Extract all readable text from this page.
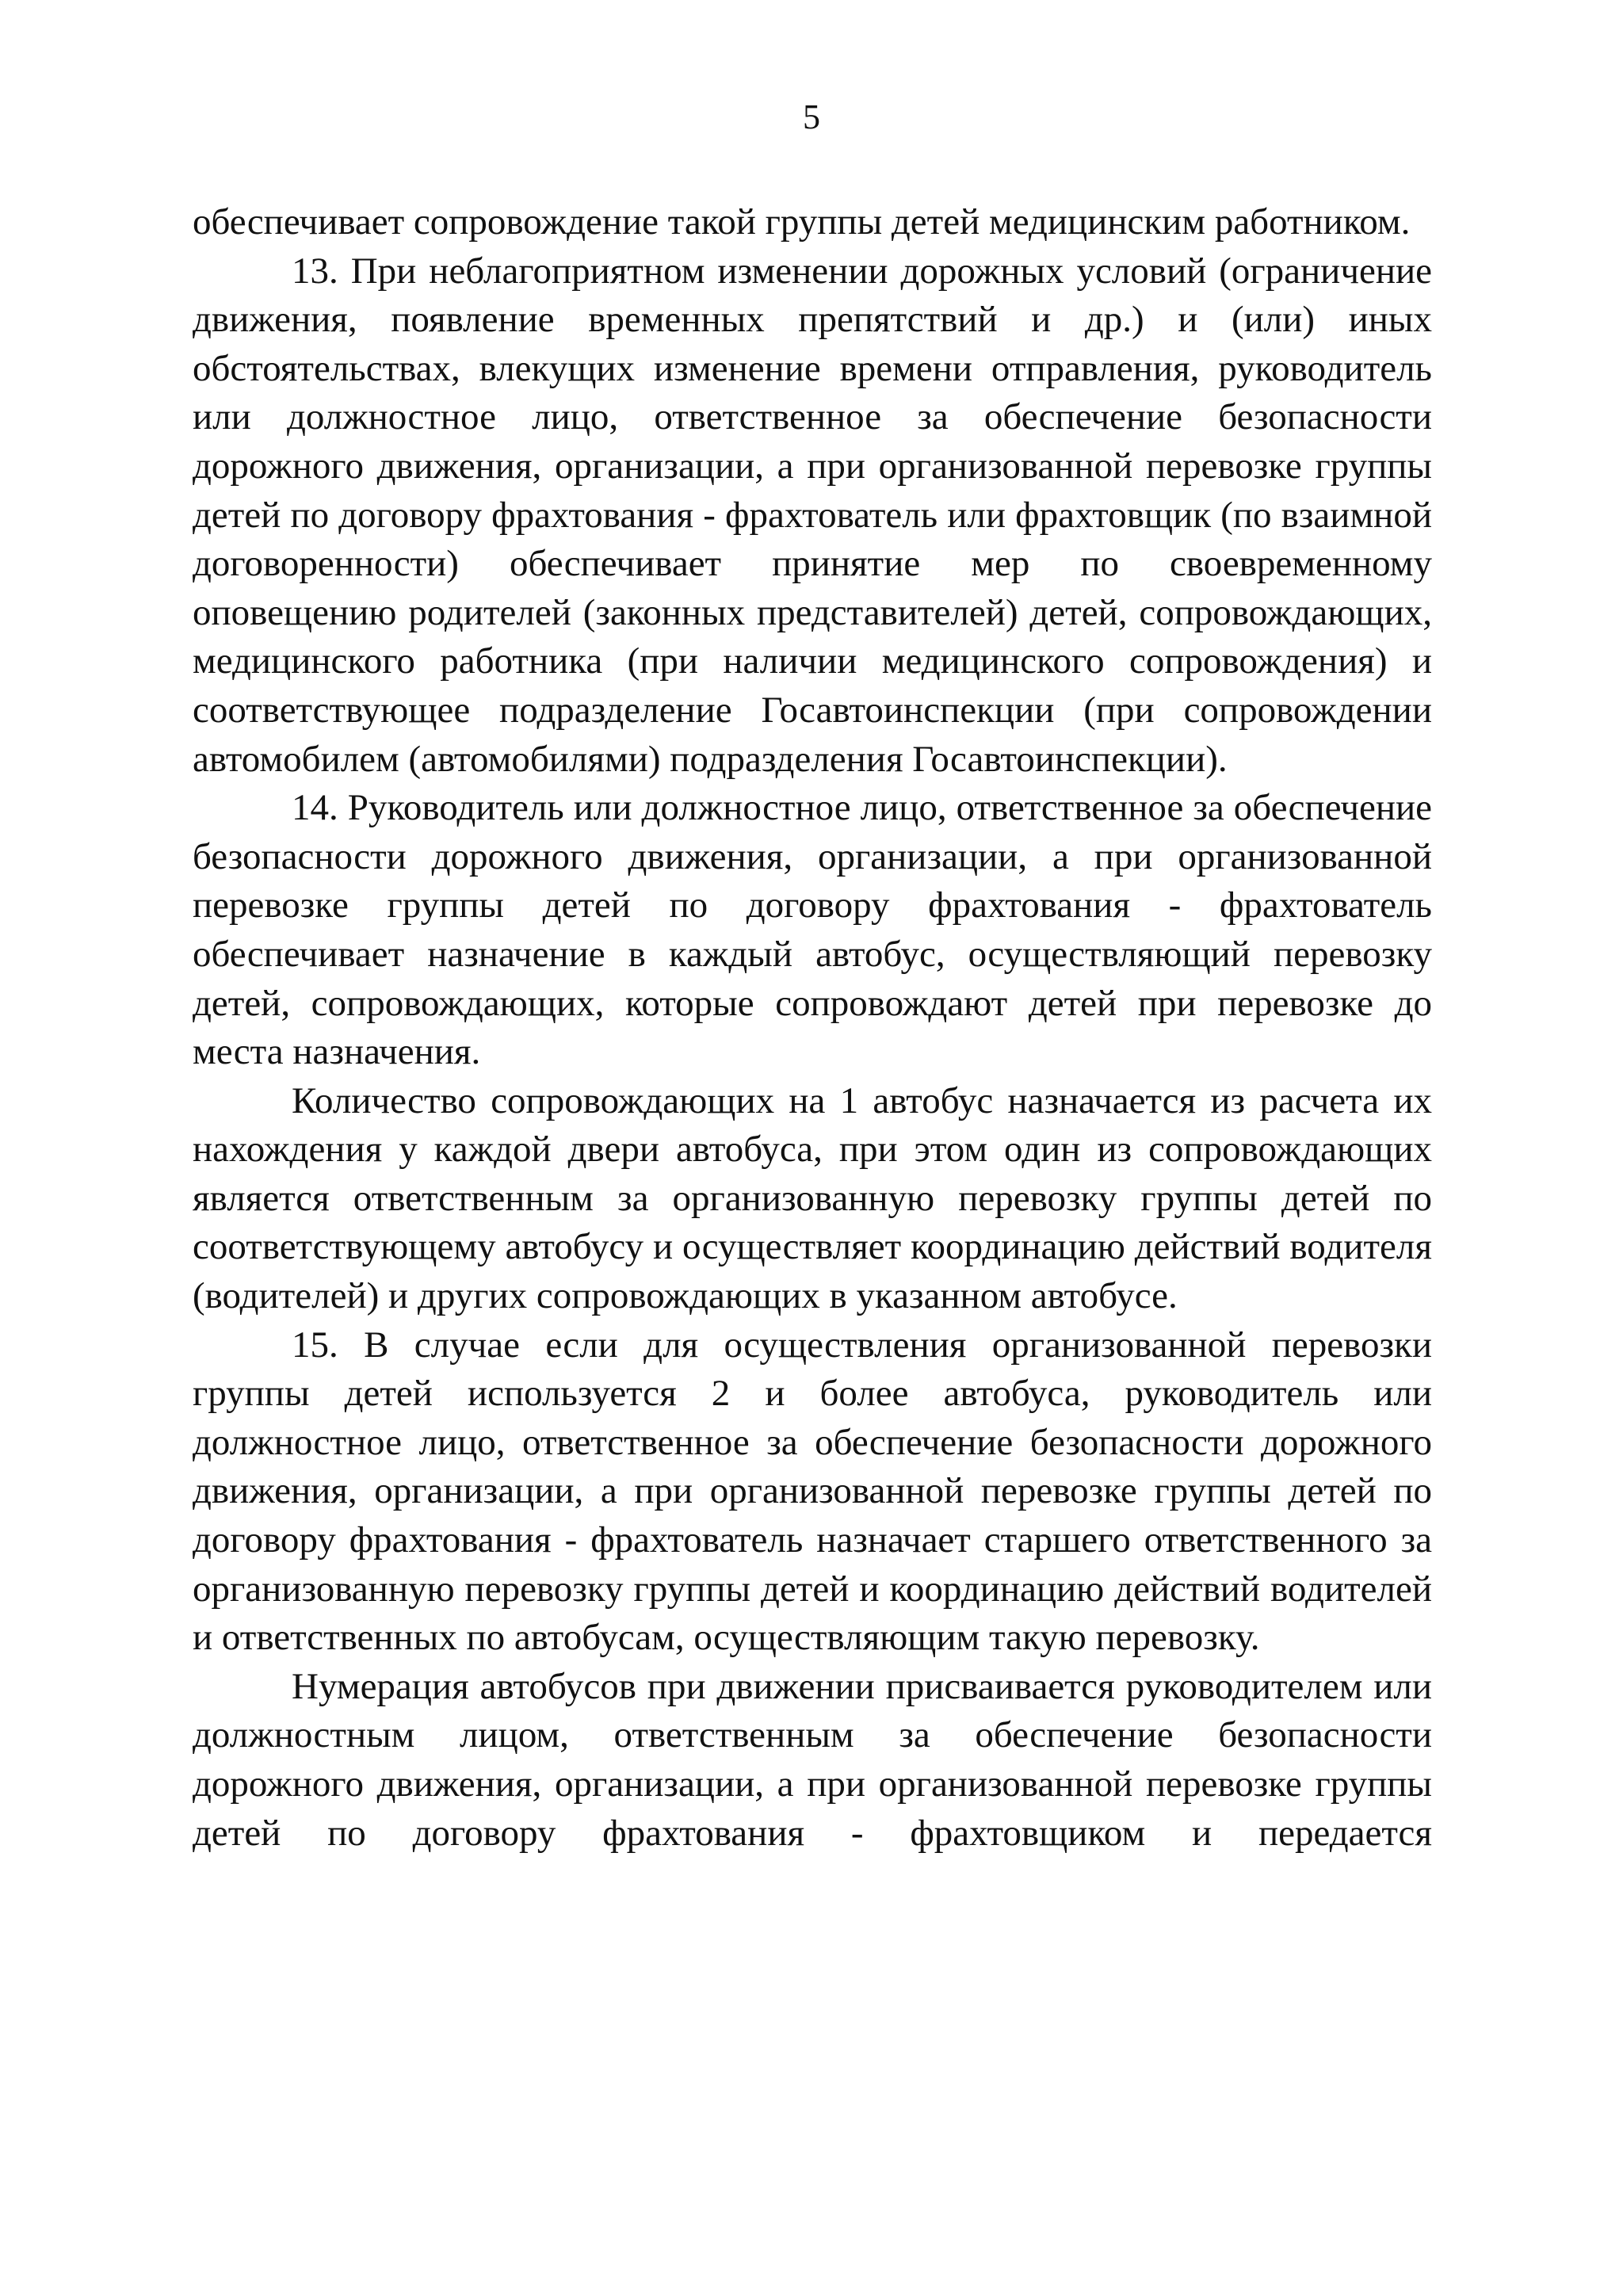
5

обеспечивает сопровождение такой группы детей медицинским работником.

13. При неблагоприятном изменении дорожных условий (ограничение движения, появление временных препятствий и др.) и (или) иных обстоятельствах, влекущих изменение времени отправления, руководитель или должностное лицо, ответственное за обеспечение безопасности дорожного движения, организации, а при организованной перевозке группы детей по договору фрахтования - фрахтователь или фрахтовщик (по взаимной договоренности) обеспечивает принятие мер по своевременному оповещению родителей (законных представителей) детей, сопровождающих, медицинского работника (при наличии медицинского сопровождения) и соответствующее подразделение Госавтоинспекции (при сопровождении автомобилем (автомобилями) подразделения Госавтоинспекции).

14. Руководитель или должностное лицо, ответственное за обеспечение безопасности дорожного движения, организации, а при организованной перевозке группы детей по договору фрахтования - фрахтователь обеспечивает назначение в каждый автобус, осуществляющий перевозку детей, сопровождающих, которые сопровождают детей при перевозке до места назначения.

Количество сопровождающих на 1 автобус назначается из расчета их нахождения у каждой двери автобуса, при этом один из сопровождающих является ответственным за организованную перевозку группы детей по соответствующему автобусу и осуществляет координацию действий водителя (водителей) и других сопровождающих в указанном автобусе.

15. В случае если для осуществления организованной перевозки группы детей используется 2 и более автобуса, руководитель или должностное лицо, ответственное за обеспечение безопасности дорожного движения, организации, а при организованной перевозке группы детей по договору фрахтования - фрахтователь назначает старшего ответственного за организованную перевозку группы детей и координацию действий водителей и ответственных по автобусам, осуществляющим такую перевозку.

Нумерация автобусов при движении присваивается руководителем или должностным лицом, ответственным за обеспечение безопасности дорожного движения, организации, а при организованной перевозке группы детей по договору фрахтования - фрахтовщиком и передается
